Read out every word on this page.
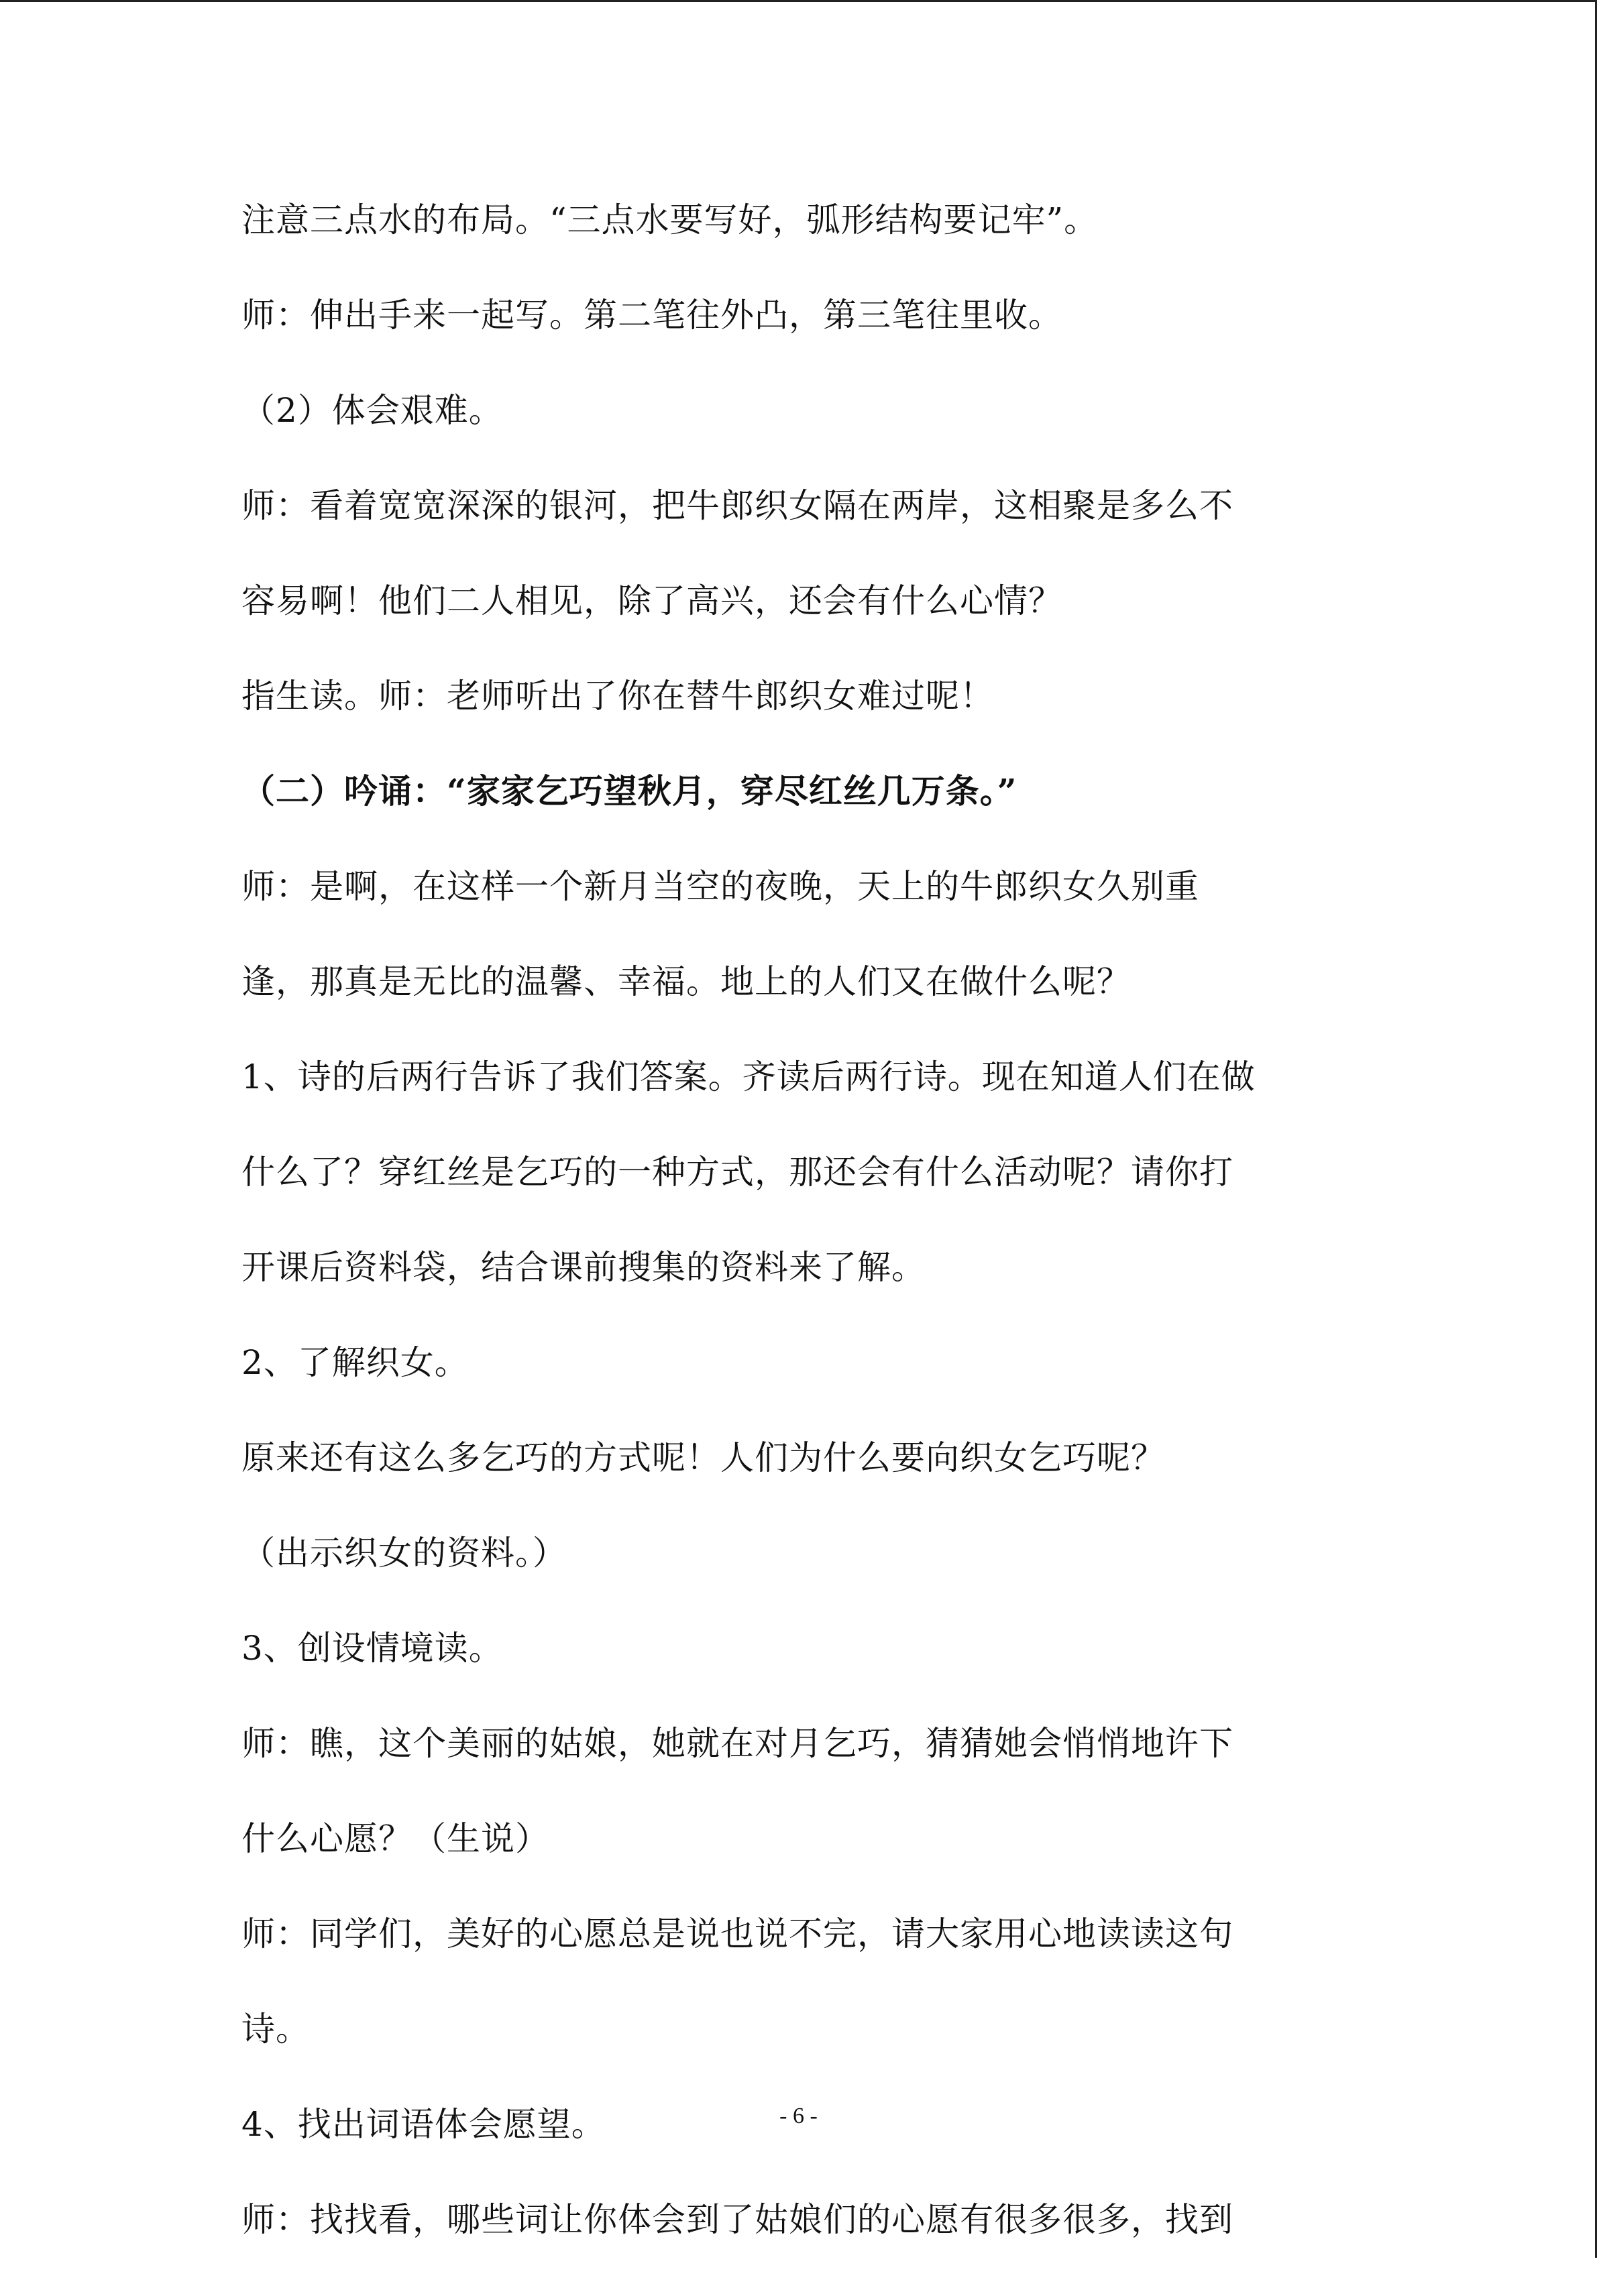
注意三点水的布局。“三点水要写好，弧形结构要记牢”。
师：伸出手来一起写。第二笔往外凸，第三笔往里收。
（2）体会艰难。
师：看着宽宽深深的银河，把牛郎织女隔在两岸，这相聚是多么不
容易啊！他们二人相见，除了高兴，还会有什么心情？
指生读。师：老师听出了你在替牛郎织女难过呢！
（二）吟诵：“家家乞巧望秋月，穿尽红丝几万条。”
师：是啊，在这样一个新月当空的夜晚，天上的牛郎织女久别重
逢，那真是无比的温馨、幸福。地上的人们又在做什么呢？
1、诗的后两行告诉了我们答案。齐读后两行诗。现在知道人们在做
什么了？穿红丝是乞巧的一种方式，那还会有什么活动呢？请你打
开课后资料袋，结合课前搜集的资料来了解。
2、了解织女。
原来还有这么多乞巧的方式呢！人们为什么要向织女乞巧呢？
（出示织女的资料。）
3、创设情境读。
师：瞧，这个美丽的姑娘，她就在对月乞巧，猜猜她会悄悄地许下
什么心愿？（生说）
师：同学们，美好的心愿总是说也说不完，请大家用心地读读这句
诗。
4、找出词语体会愿望。
师：找找看，哪些词让你体会到了姑娘们的心愿有很多很多，找到
- 6 -
